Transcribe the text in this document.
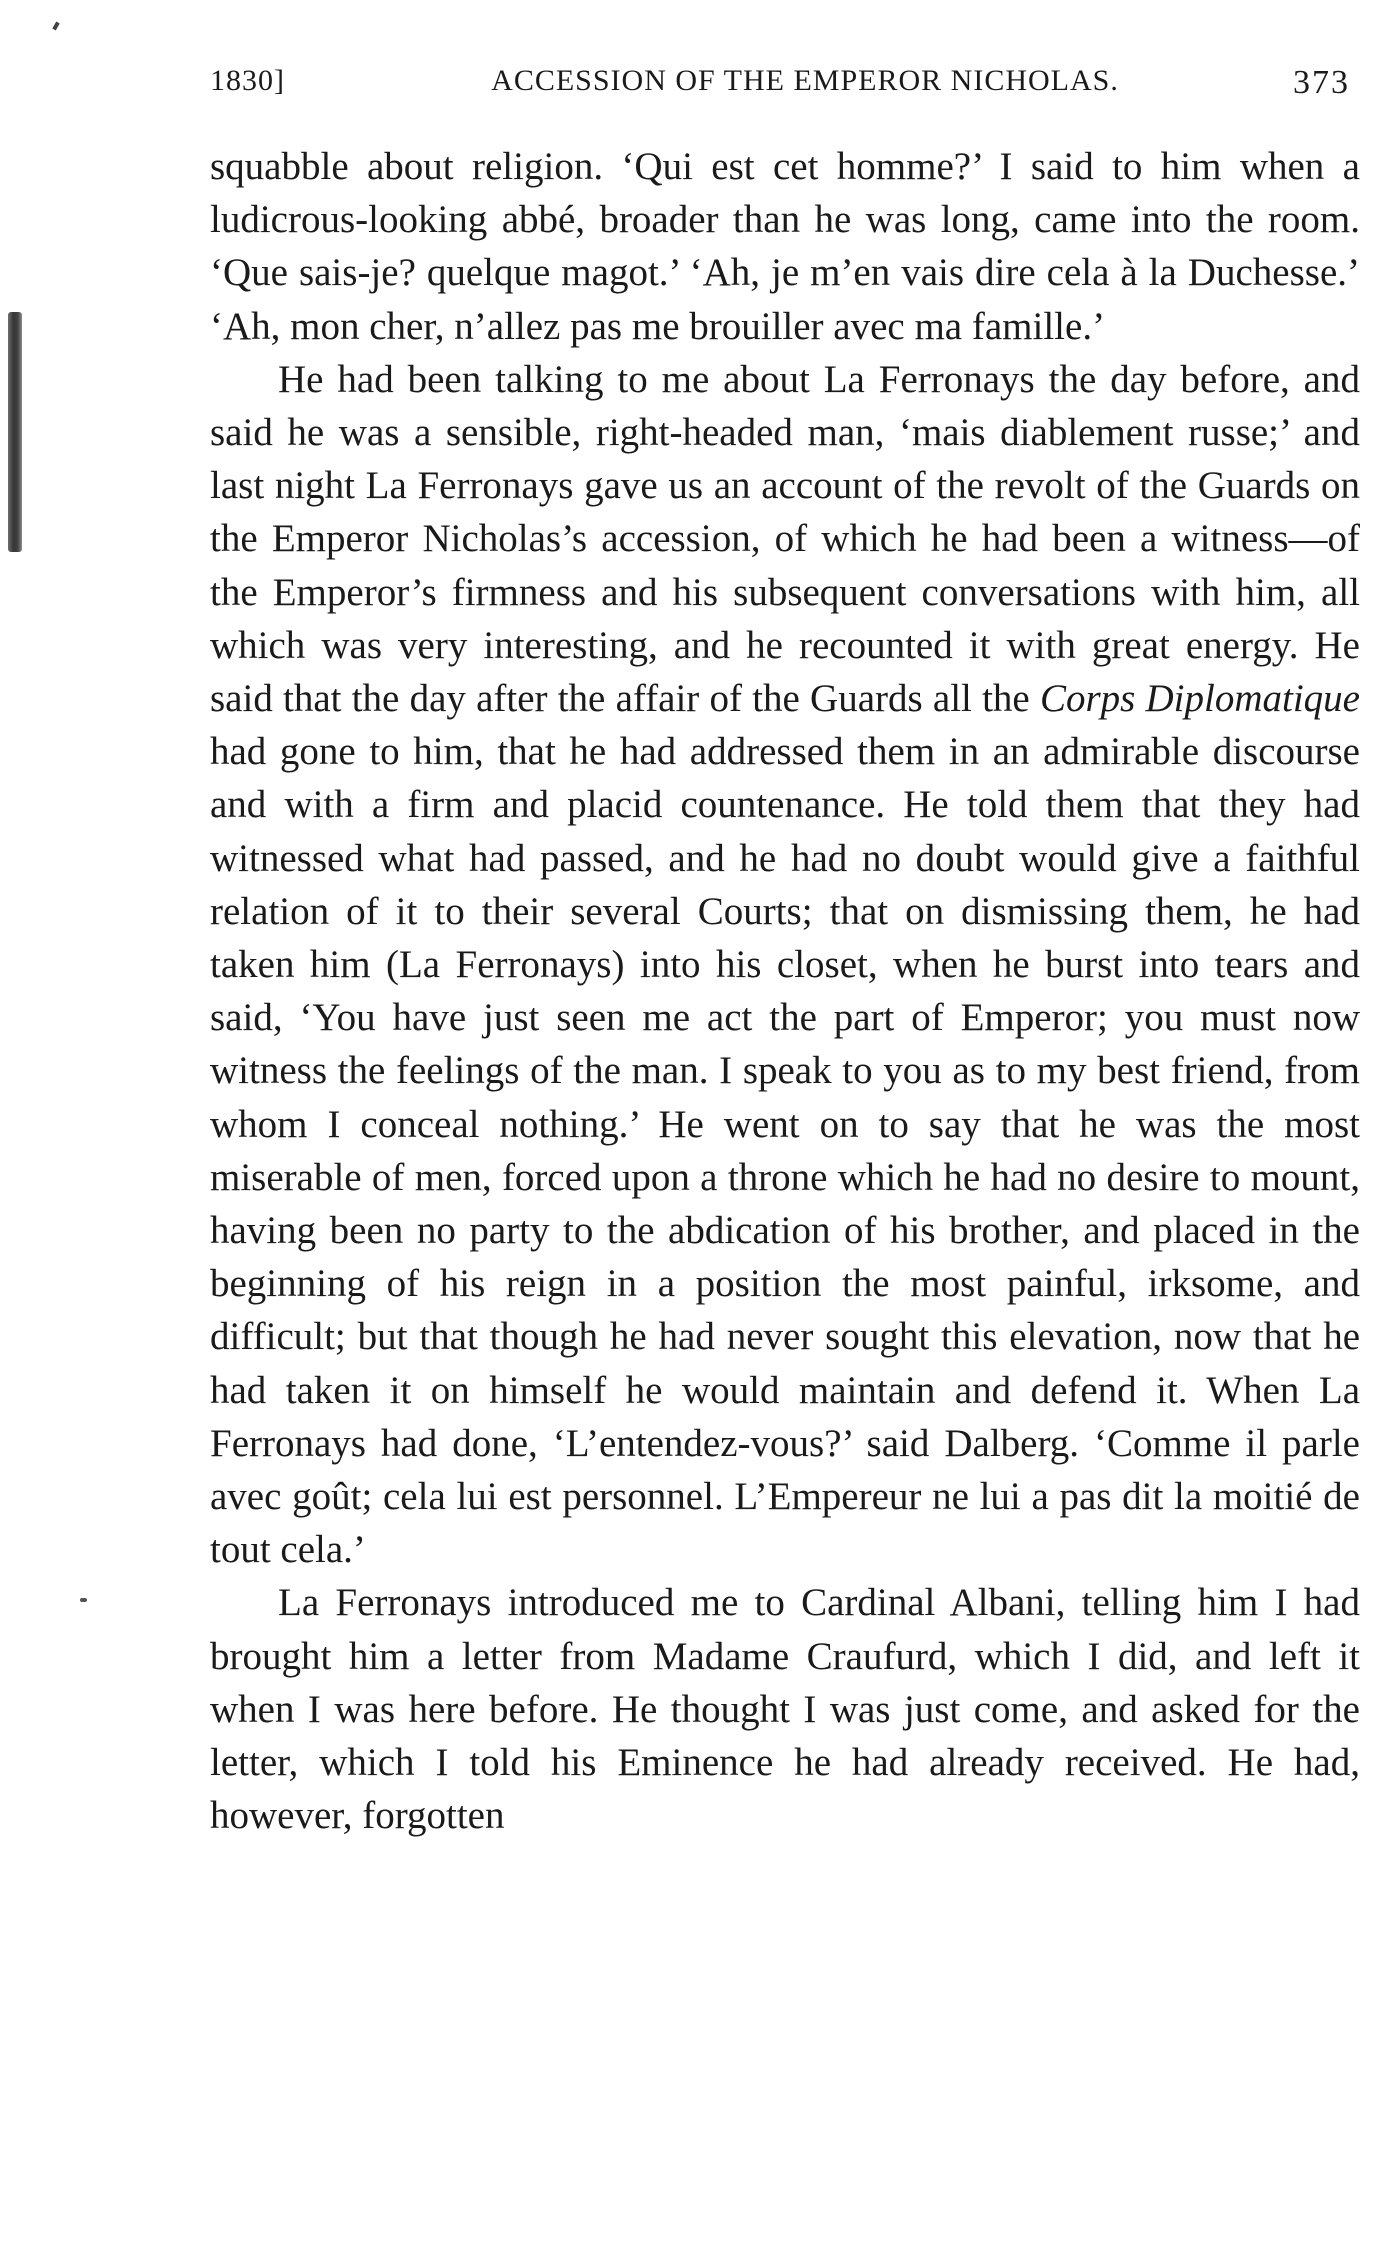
1830]	ACCESSION OF THE EMPEROR NICHOLAS.	373

squabble about religion. ‘Qui est cet homme?’ I said to him when a ludicrous-looking abbé, broader than he was long, came into the room. ‘Que sais-je? quelque magot.’ ‘Ah, je m’en vais dire cela à la Duchesse.’ ‘Ah, mon cher, n’allez pas me brouiller avec ma famille.’

He had been talking to me about La Ferronays the day before, and said he was a sensible, right-headed man, ‘mais diablement russe;’ and last night La Ferronays gave us an account of the revolt of the Guards on the Emperor Nicholas’s accession, of which he had been a witness—of the Emperor’s firmness and his subsequent conversations with him, all which was very interesting, and he recounted it with great energy. He said that the day after the affair of the Guards all the Corps Diplomatique had gone to him, that he had addressed them in an admirable discourse and with a firm and placid countenance. He told them that they had witnessed what had passed, and he had no doubt would give a faithful relation of it to their several Courts; that on dismissing them, he had taken him (La Ferronays) into his closet, when he burst into tears and said, ‘You have just seen me act the part of Emperor; you must now witness the feelings of the man. I speak to you as to my best friend, from whom I conceal nothing.’ He went on to say that he was the most miserable of men, forced upon a throne which he had no desire to mount, having been no party to the abdication of his brother, and placed in the beginning of his reign in a position the most painful, irksome, and difficult; but that though he had never sought this elevation, now that he had taken it on himself he would maintain and defend it. When La Ferronays had done, ‘L’entendez-vous?’ said Dalberg. ‘Comme il parle avec goût; cela lui est personnel. L’Empereur ne lui a pas dit la moitié de tout cela.’

La Ferronays introduced me to Cardinal Albani, telling him I had brought him a letter from Madame Craufurd, which I did, and left it when I was here before. He thought I was just come, and asked for the letter, which I told his Eminence he had already received. He had, however, forgotten
